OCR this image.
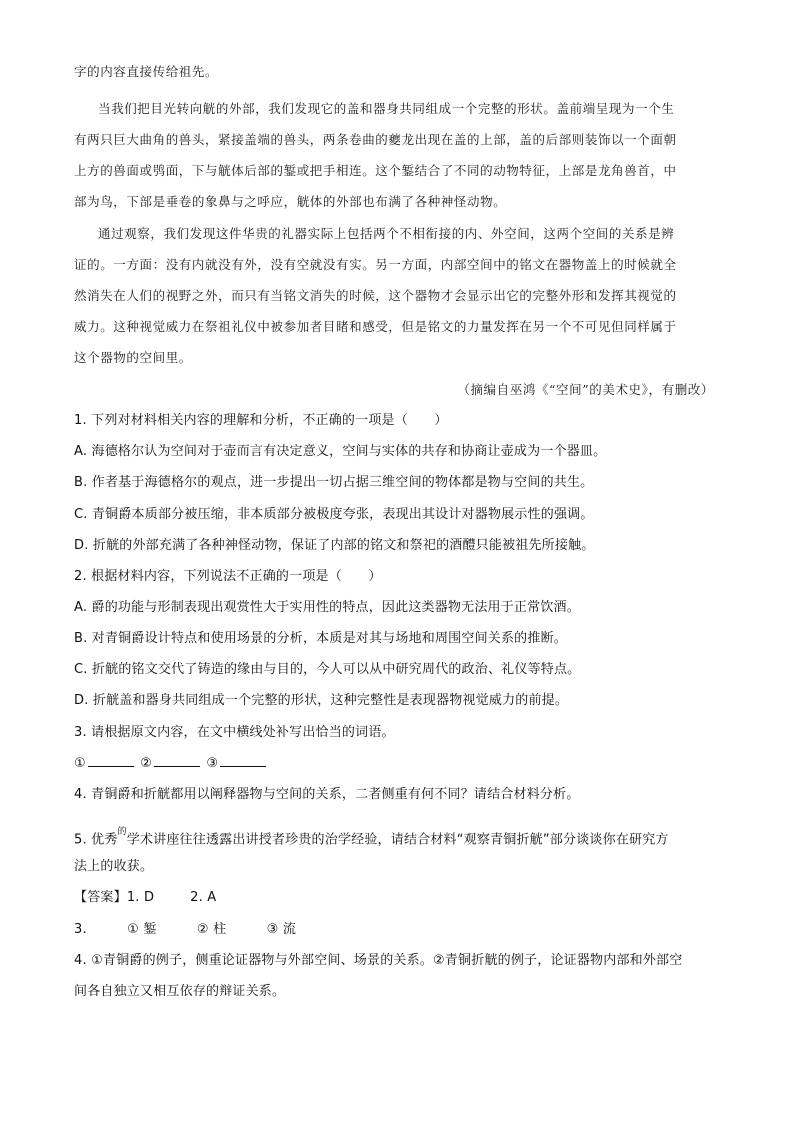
字的内容直接传给祖先。
当我们把目光转向觥的外部，我们发现它的盖和器身共同组成一个完整的形状。盖前端呈现为一个生
有两只巨大曲角的兽头，紧接盖端的兽头，两条卷曲的夔龙出现在盖的上部，盖的后部则装饰以一个面朝
上方的兽面或鸮面，下与觥体后部的錾或把手相连。这个錾结合了不同的动物特征，上部是龙角兽首，中
部为鸟，下部是垂卷的象鼻与之呼应，觥体的外部也布满了各种神怪动物。
通过观察，我们发现这件华贵的礼器实际上包括两个不相衔接的内、外空间，这两个空间的关系是辨
证的。一方面：没有内就没有外，没有空就没有实。另一方面，内部空间中的铭文在器物盖上的时候就全
然消失在人们的视野之外，而只有当铭文消失的时候，这个器物才会显示出它的完整外形和发挥其视觉的
威力。这种视觉威力在祭祖礼仪中被参加者目睹和感受，但是铭文的力量发挥在另一个不可见但同样属于
这个器物的空间里。
（摘编自巫鸿《“空间”的美术史》，有删改）
1. 下列对材料相关内容的理解和分析，不正确的一项是（　　）
A. 海德格尔认为空间对于壶而言有决定意义，空间与实体的共存和协商让壶成为一个器皿。
B. 作者基于海德格尔的观点，进一步提出一切占据三维空间的物体都是物与空间的共生。
C. 青铜爵本质部分被压缩，非本质部分被极度夸张，表现出其设计对器物展示性的强调。
D. 折觥的外部充满了各种神怪动物，保证了内部的铭文和祭祀的酒醴只能被祖先所接触。
2. 根据材料内容，下列说法不正确的一项是（　　）
A. 爵的功能与形制表现出观赏性大于实用性的特点，因此这类器物无法用于正常饮酒。
B. 对青铜爵设计特点和使用场景的分析，本质是对其与场地和周围空间关系的推断。
C. 折觥的铭文交代了铸造的缘由与目的，今人可以从中研究周代的政治、礼仪等特点。
D. 折觥盖和器身共同组成一个完整的形状，这种完整性是表现器物视觉威力的前提。
3. 请根据原文内容，在文中横线处补写出恰当的词语。
①	②	③
4. 青铜爵和折觥都用以阐释器物与空间的关系，二者侧重有何不同？请结合材料分析。
5. 优秀$^的$学术讲座往往透露出讲授者珍贵的治学经验，请结合材料“观察青铜折觥”部分谈谈你在研究方
法上的收获。
【答案】1. D	2. A
3.	① 錾	② 柱	③ 流
4. ①青铜爵的例子，侧重论证器物与外部空间、场景的关系。②青铜折觥的例子，论证器物内部和外部空
间各自独立又相互依存的辩证关系。
